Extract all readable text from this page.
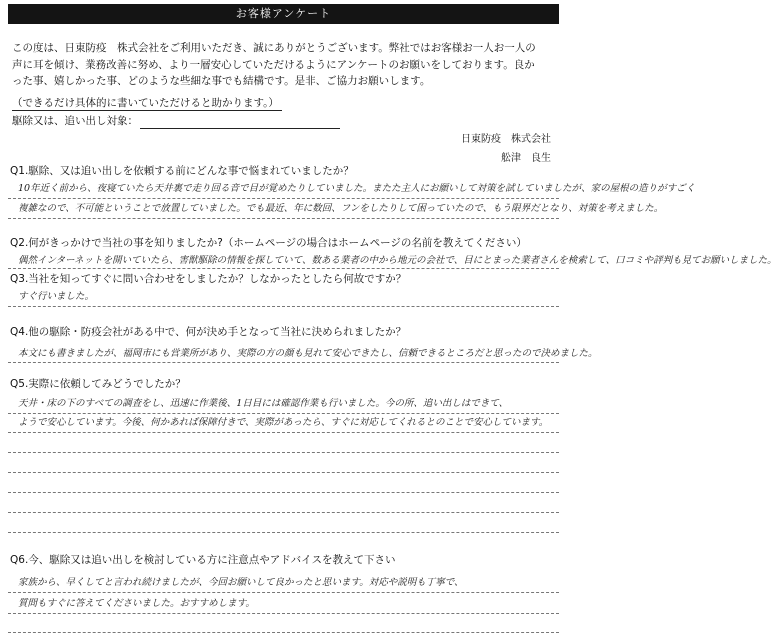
お客様アンケート

この度は、日東防疫　株式会社をご利用いただき、誠にありがとうございます。弊社ではお客様お一人お一人の

声に耳を傾け、業務改善に努め、より一層安心していただけるようにアンケートのお願いをしております。良か

った事、嬉しかった事、どのような些細な事でも結構です。是非、ご協力お願いします。

（できるだけ具体的に書いていただけると助かります。）
駆除又は、追い出し対象：
日東防疫　株式会社
舩津　良生
Q1.駆除、又は追い出しを依頼する前にどんな事で悩まれていましたか？
10年近く前から、夜寝ていたら天井裏で走り回る音で目が覚めたりしていました。またた主人にお願いして対策を試していましたが、家の屋根の造りがすごく
複雑なので、不可能ということで放置していました。でも最近、年に数回、フンをしたりして困っていたので、もう限界だとなり、対策を考えました。
Q2.何がきっかけで当社の事を知りましたか?（ホームページの場合はホームページの名前を教えてください）
偶然インターネットを開いていたら、害獣駆除の情報を探していて、数ある業者の中から地元の会社で、目にとまった業者さんを検索して、口コミや評判も見てお願いしました。
Q3.当社を知ってすぐに問い合わせをしましたか？しなかったとしたら何故ですか？
すぐ行いました。
Q4.他の駆除・防疫会社がある中で、何が決め手となって当社に決められましたか？
本文にも書きましたが、福岡市にも営業所があり、実際の方の顔も見れて安心できたし、信頼できるところだと思ったので決めました。
Q5.実際に依頼してみどうでしたか？
天井・床の下のすべての調査をし、迅速に作業後、1日目には確認作業も行いました。今の所、追い出しはできて、
ようで安心しています。今後、何かあれば保障付きで、実際があったら、すぐに対応してくれるとのことで安心しています。
Q6.今、駆除又は追い出しを検討している方に注意点やアドバイスを教えて下さい
家族から、早くしてと言われ続けましたが、今回お願いして良かったと思います。対応や説明も丁寧で、
質問もすぐに答えてくださいました。おすすめします。
